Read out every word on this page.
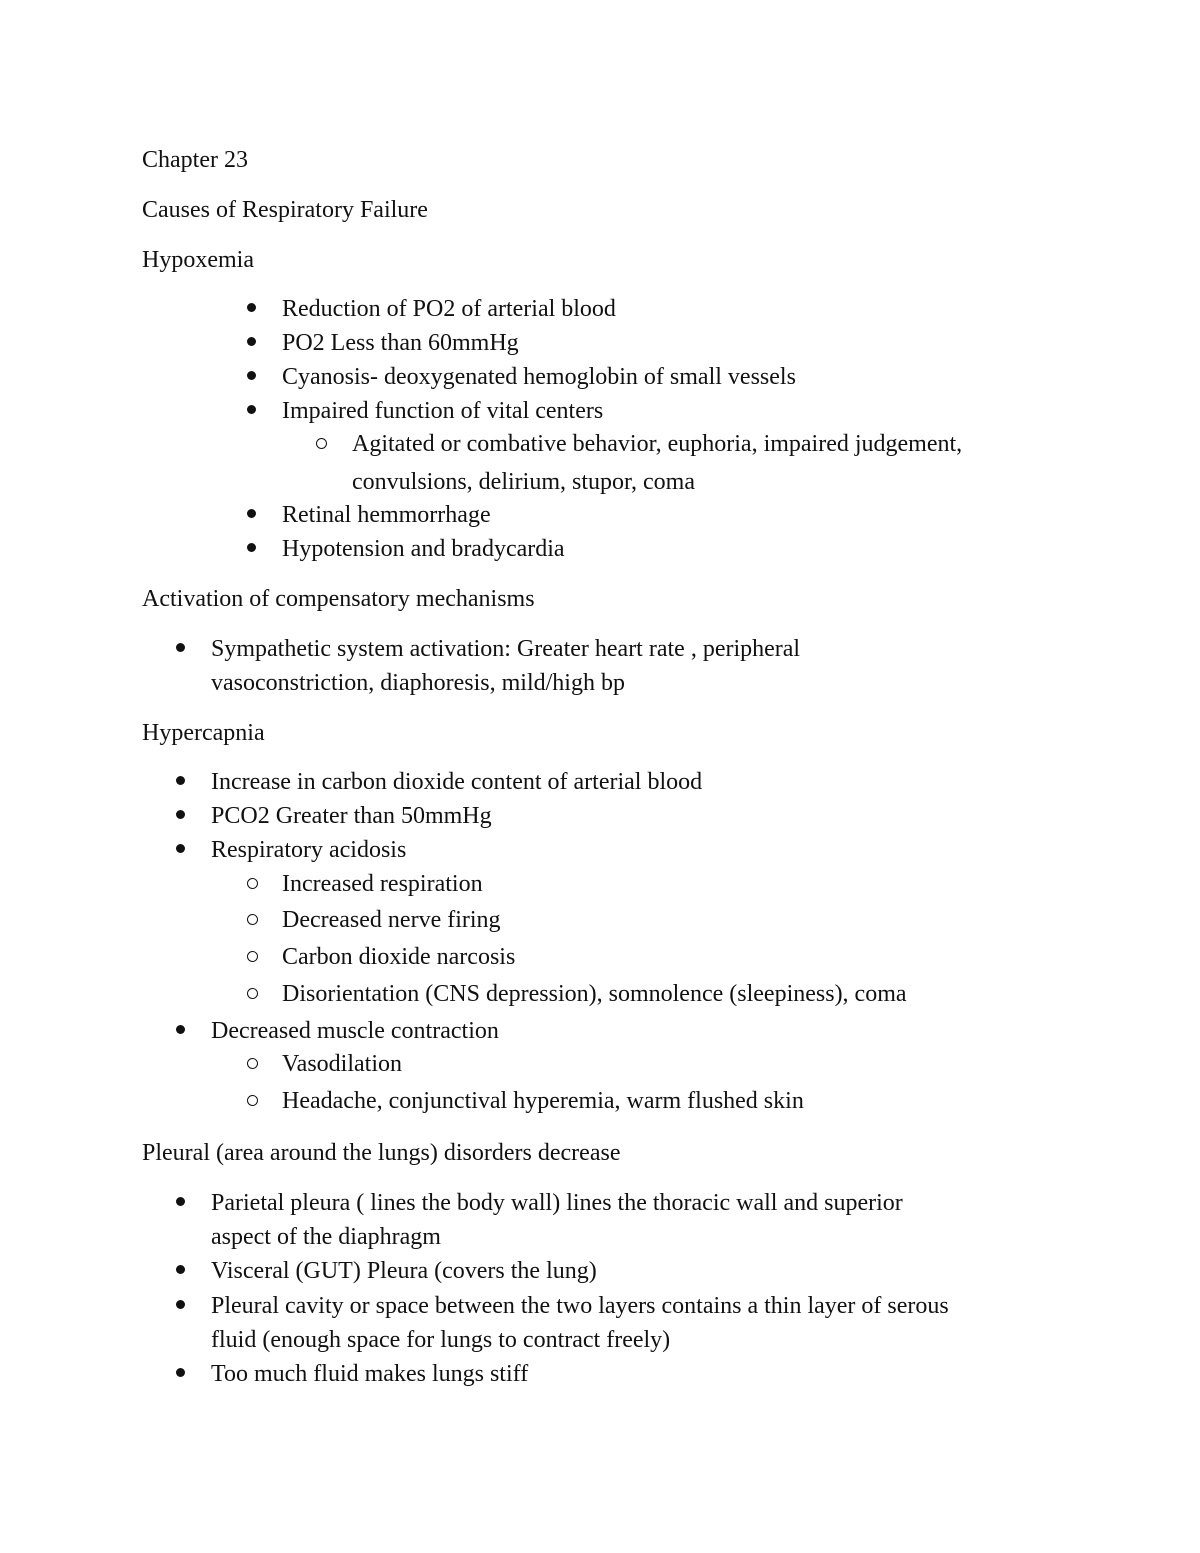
Chapter 23
Causes of Respiratory Failure
Hypoxemia
Reduction of PO2 of arterial blood
PO2 Less than 60mmHg
Cyanosis- deoxygenated hemoglobin of small vessels
Impaired function of vital centers
Agitated or combative behavior, euphoria, impaired judgement,
convulsions, delirium, stupor, coma
Retinal hemmorrhage
Hypotension and bradycardia
Activation of compensatory mechanisms
Sympathetic system activation: Greater heart rate , peripheral
vasoconstriction, diaphoresis, mild/high bp
Hypercapnia
Increase in carbon dioxide content of arterial blood
PCO2 Greater than 50mmHg
Respiratory acidosis
Increased respiration
Decreased nerve firing
Carbon dioxide narcosis
Disorientation (CNS depression), somnolence (sleepiness), coma
Decreased muscle contraction
Vasodilation
Headache, conjunctival hyperemia, warm flushed skin
Pleural (area around the lungs) disorders decrease
Parietal pleura ( lines the body wall) lines the thoracic wall and superior
aspect of the diaphragm
Visceral (GUT) Pleura (covers the lung)
Pleural cavity or space between the two layers contains a thin layer of serous
fluid (enough space for lungs to contract freely)
Too much fluid makes lungs stiff
